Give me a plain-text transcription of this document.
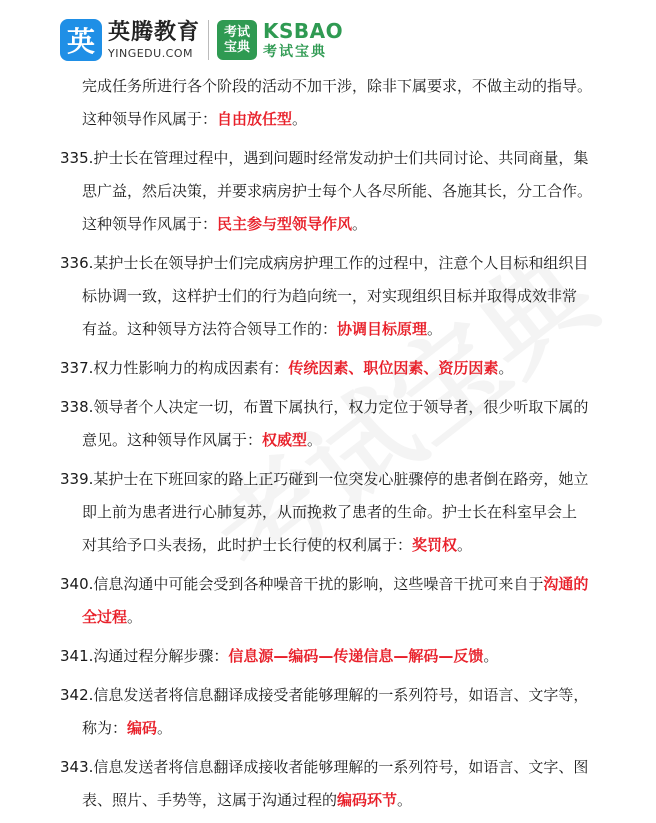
英 英腾教育
YINGEDU.COM
考试宝典
KSBAO
考试宝典
完成任务所进行各个阶段的活动不加干涉，除非下属要求，不做主动的指导。
这种领导作风属于：自由放任型。
335.护士长在管理过程中，遇到问题时经常发动护士们共同讨论、共同商量，集
思广益，然后决策，并要求病房护士每个人各尽所能、各施其长，分工合作。
这种领导作风属于：民主参与型领导作风。
336.某护士长在领导护士们完成病房护理工作的过程中，注意个人目标和组织目
标协调一致，这样护士们的行为趋向统一，对实现组织目标并取得成效非常
有益。这种领导方法符合领导工作的：协调目标原理。
337.权力性影响力的构成因素有：传统因素、职位因素、资历因素。
338.领导者个人决定一切，布置下属执行，权力定位于领导者，很少听取下属的
意见。这种领导作风属于：权威型。
339.某护士在下班回家的路上正巧碰到一位突发心脏骤停的患者倒在路旁，她立
即上前为患者进行心肺复苏，从而挽救了患者的生命。护士长在科室早会上
对其给予口头表扬，此时护士长行使的权利属于：奖罚权。
340.信息沟通中可能会受到各种噪音干扰的影响，这些噪音干扰可来自于沟通的
全过程。
341.沟通过程分解步骤：信息源—编码—传递信息—解码—反馈。
342.信息发送者将信息翻译成接受者能够理解的一系列符号，如语言、文字等，
称为：编码。
343.信息发送者将信息翻译成接收者能够理解的一系列符号，如语言、文字、图
表、照片、手势等，这属于沟通过程的编码环节。
